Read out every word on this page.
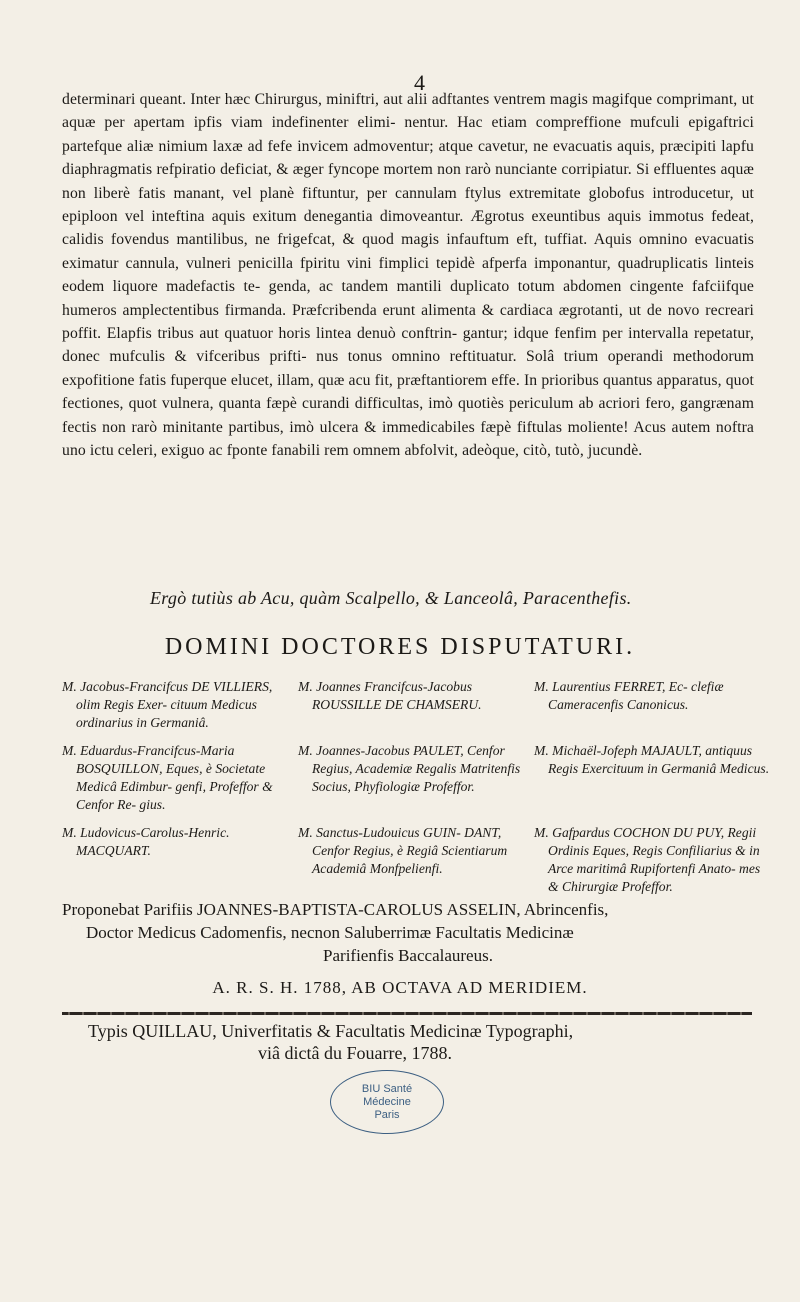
4

determinari queant. Inter hæc Chirurgus, miniftri, aut alii adftantes ventrem magis magifque comprimant, ut aquæ per apertam ipfis viam indefinenter elimi- nentur. Hac etiam compreffione mufculi epigaftrici partefque aliæ nimium laxæ ad fefe invicem admoventur; atque cavetur, ne evacuatis aquis, præcipiti lapfu diaphragmatis refpiratio deficiat, & æger fyncope mortem non rarò nunciante corripiatur. Si effluentes aquæ non liberè fatis manant, vel planè fiftuntur, per cannulam ftylus extremitate globofus introducetur, ut epiploon vel inteftina aquis exitum denegantia dimoveantur. Ægrotus exeuntibus aquis immotus fedeat, calidis fovendus mantilibus, ne frigefcat, & quod magis infauftum eft, tuffiat. Aquis omnino evacuatis eximatur cannula, vulneri penicilla fpiritu vini fimplici tepidè afperfa imponantur, quadruplicatis linteis eodem liquore madefactis te- genda, ac tandem mantili duplicato totum abdomen cingente fafciifque humeros amplectentibus firmanda. Præfcribenda erunt alimenta & cardiaca ægrotanti, ut de novo recreari poffit. Elapfis tribus aut quatuor horis lintea denuò conftrin- gantur; idque fenfim per intervalla repetatur, donec mufculis & vifceribus prifti- nus tonus omnino reftituatur. Solâ trium operandi methodorum expofitione fatis fuperque elucet, illam, quæ acu fit, præftantiorem effe. In prioribus quantus apparatus, quot fectiones, quot vulnera, quanta fæpè curandi difficultas, imò quotiès periculum ab acriori fero, gangrænam fectis non rarò minitante partibus, imò ulcera & immedicabiles fæpè fiftulas moliente! Acus autem noftra uno ictu celeri, exiguo ac fponte fanabili rem omnem abfolvit, adeòque, citò, tutò, jucundè.

Ergò tutiùs ab Acu, quàm Scalpello, & Lanceolâ, Paracenthefis.
DOMINI DOCTORES DISPUTATURI.
M. Jacobus-Francifcus DE VILLIERS, olim Regis Exer- cituum Medicus ordinarius in Germaniâ.
M. Joannes Francifcus-Jacobus ROUSSILLE DE CHAMSERU.
M. Laurentius FERRET, Ec- clefiæ Cameracenfis Canonicus.
M. Eduardus-Francifcus-Maria BOSQUILLON, Eques, è Societate Medicâ Edimbur- genfi, Profeffor & Cenfor Re- gius.
M. Joannes-Jacobus PAULET, Cenfor Regius, Academiæ Regalis Matritenfis Socius, Phyfiologiæ Profeffor.
M. Michaël-Jofeph MAJAULT, antiquus Regis Exercituum in Germaniâ Medicus.
M. Ludovicus-Carolus-Henric. MACQUART.
M. Sanctus-Ludouicus GUIN- DANT, Cenfor Regius, è Regiâ Scientiarum Academiâ Monfpelienfi.
M. Gafpardus COCHON DU PUY, Regii Ordinis Eques, Regis Confiliarius & in Arce maritimâ Rupifortenfi Anato- mes & Chirurgiæ Profeffor.
Proponebat Parifiis JOANNES-BAPTISTA-CAROLUS ASSELIN, Abrincenfis,
Doctor Medicus Cadomenfis, necnon Saluberrimæ Facultatis Medicinæ
Parifienfis Baccalaureus.
A. R. S. H. 1788, AB OCTAVA AD MERIDIEM.
Typis QUILLAU, Univerfitatis & Facultatis Medicinæ Typographi,
viâ dictâ du Fouarre, 1788.
BIU Santé
Médecine
Paris
